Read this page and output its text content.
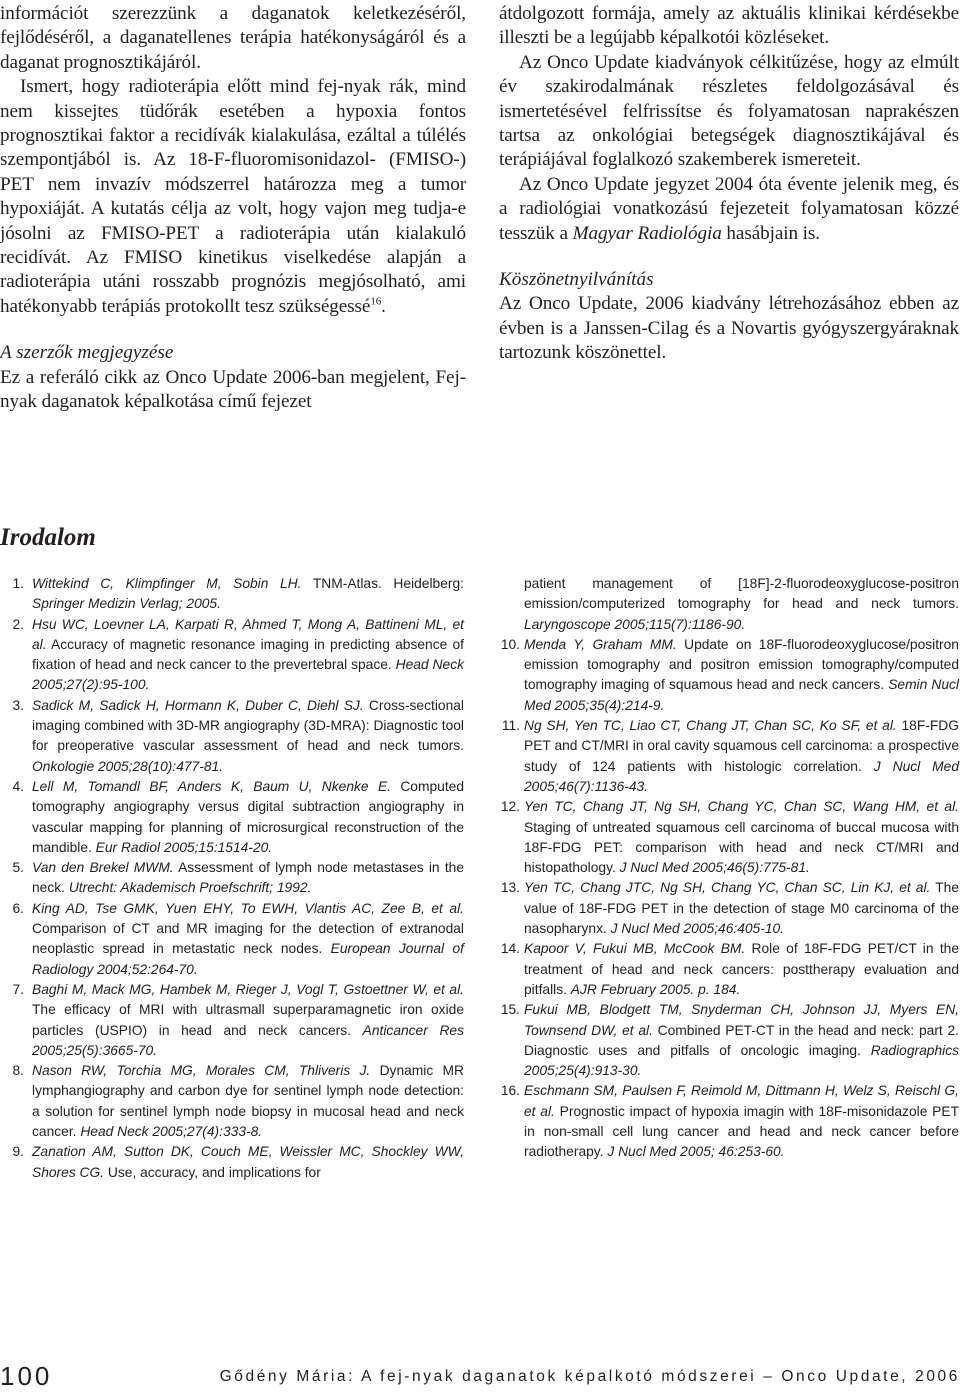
információt szerezzünk a daganatok keletkezéséről, fejlődéséről, a daganatellenes terápia hatékonyságáról és a daganat prognosztikájáról.

Ismert, hogy radioterápia előtt mind fej-nyak rák, mind nem kissejtes tüdőrák esetében a hypoxia fontos prognosztikai faktor a recidívák kialakulása, ezáltal a túlélés szempontjából is. Az 18-F-fluoromisonidazol- (FMISO-) PET nem invazív módszerrel határozza meg a tumor hypoxiáját. A kutatás célja az volt, hogy vajon meg tudja-e jósolni az FMISO-PET a radioterápia után kialakuló recidívát. Az FMISO kinetikus viselkedése alapján a radioterápia utáni rosszabb prognózis megjósolható, ami hatékonyabb terápiás protokollt tesz szükségessé$^{16}$.

A szerzők megjegyzése

Ez a referáló cikk az Onco Update 2006-ban megjelent, Fej-nyak daganatok képalkotása című fejezet

átdolgozott formája, amely az aktuális klinikai kérdésekbe illeszti be a legújabb képalkotói közléseket.

Az Onco Update kiadványok célkitűzése, hogy az elmúlt év szakirodalmának részletes feldolgozásával és ismertetésével felfrissítse és folyamatosan naprakészen tartsa az onkológiai betegségek diagnosztikájával és terápiájával foglalkozó szakemberek ismereteit.

Az Onco Update jegyzet 2004 óta évente jelenik meg, és a radiológiai vonatkozású fejezeteit folyamatosan közzé tesszük a Magyar Radiológia hasábjain is.

Köszönetnyilvánítás

Az Onco Update, 2006 kiadvány létrehozásához ebben az évben is a Janssen-Cilag és a Novartis gyógyszergyáraknak tartozunk köszönettel.

Irodalom
1. Wittekind C, Klimpfinger M, Sobin LH. TNM-Atlas. Heidelberg: Springer Medizin Verlag; 2005.
2. Hsu WC, Loevner LA, Karpati R, Ahmed T, Mong A, Battineni ML, et al. Accuracy of magnetic resonance imaging in predicting absence of fixation of head and neck cancer to the prevertebral space. Head Neck 2005;27(2):95-100.
3. Sadick M, Sadick H, Hormann K, Duber C, Diehl SJ. Cross-sectional imaging combined with 3D-MR angiography (3D-MRA): Diagnostic tool for preoperative vascular assessment of head and neck tumors. Onkologie 2005;28(10):477-81.
4. Lell M, Tomandl BF, Anders K, Baum U, Nkenke E. Computed tomography angiography versus digital subtraction angiography in vascular mapping for planning of microsurgical reconstruction of the mandible. Eur Radiol 2005;15:1514-20.
5. Van den Brekel MWM. Assessment of lymph node metastases in the neck. Utrecht: Akademisch Proefschrift; 1992.
6. King AD, Tse GMK, Yuen EHY, To EWH, Vlantis AC, Zee B, et al. Comparison of CT and MR imaging for the detection of extranodal neoplastic spread in metastatic neck nodes. European Journal of Radiology 2004;52:264-70.
7. Baghi M, Mack MG, Hambek M, Rieger J, Vogl T, Gstoettner W, et al. The efficacy of MRI with ultrasmall superparamagnetic iron oxide particles (USPIO) in head and neck cancers. Anticancer Res 2005;25(5):3665-70.
8. Nason RW, Torchia MG, Morales CM, Thliveris J. Dynamic MR lymphangiography and carbon dye for sentinel lymph node detection: a solution for sentinel lymph node biopsy in mucosal head and neck cancer. Head Neck 2005;27(4):333-8.
9. Zanation AM, Sutton DK, Couch ME, Weissler MC, Shockley WW, Shores CG. Use, accuracy, and implications for
patient management of [18F]-2-fluorodeoxyglucose-positron emission/computerized tomography for head and neck tumors. Laryngoscope 2005;115(7):1186-90.
10. Menda Y, Graham MM. Update on 18F-fluorodeoxyglucose/positron emission tomography and positron emission tomography/computed tomography imaging of squamous head and neck cancers. Semin Nucl Med 2005;35(4):214-9.
11. Ng SH, Yen TC, Liao CT, Chang JT, Chan SC, Ko SF, et al. 18F-FDG PET and CT/MRI in oral cavity squamous cell carcinoma: a prospective study of 124 patients with histologic correlation. J Nucl Med 2005;46(7):1136-43.
12. Yen TC, Chang JT, Ng SH, Chang YC, Chan SC, Wang HM, et al. Staging of untreated squamous cell carcinoma of buccal mucosa with 18F-FDG PET: comparison with head and neck CT/MRI and histopathology. J Nucl Med 2005;46(5):775-81.
13. Yen TC, Chang JTC, Ng SH, Chang YC, Chan SC, Lin KJ, et al. The value of 18F-FDG PET in the detection of stage M0 carcinoma of the nasopharynx. J Nucl Med 2005;46:405-10.
14. Kapoor V, Fukui MB, McCook BM. Role of 18F-FDG PET/CT in the treatment of head and neck cancers: posttherapy evaluation and pitfalls. AJR February 2005. p. 184.
15. Fukui MB, Blodgett TM, Snyderman CH, Johnson JJ, Myers EN, Townsend DW, et al. Combined PET-CT in the head and neck: part 2. Diagnostic uses and pitfalls of oncologic imaging. Radiographics 2005;25(4):913-30.
16. Eschmann SM, Paulsen F, Reimold M, Dittmann H, Welz S, Reischl G, et al. Prognostic impact of hypoxia imagin with 18F-misonidazole PET in non-small cell lung cancer and head and neck cancer before radiotherapy. J Nucl Med 2005; 46:253-60.
100	Gődény Mária: A fej-nyak daganatok képalkotó módszerei – Onco Update, 2006
